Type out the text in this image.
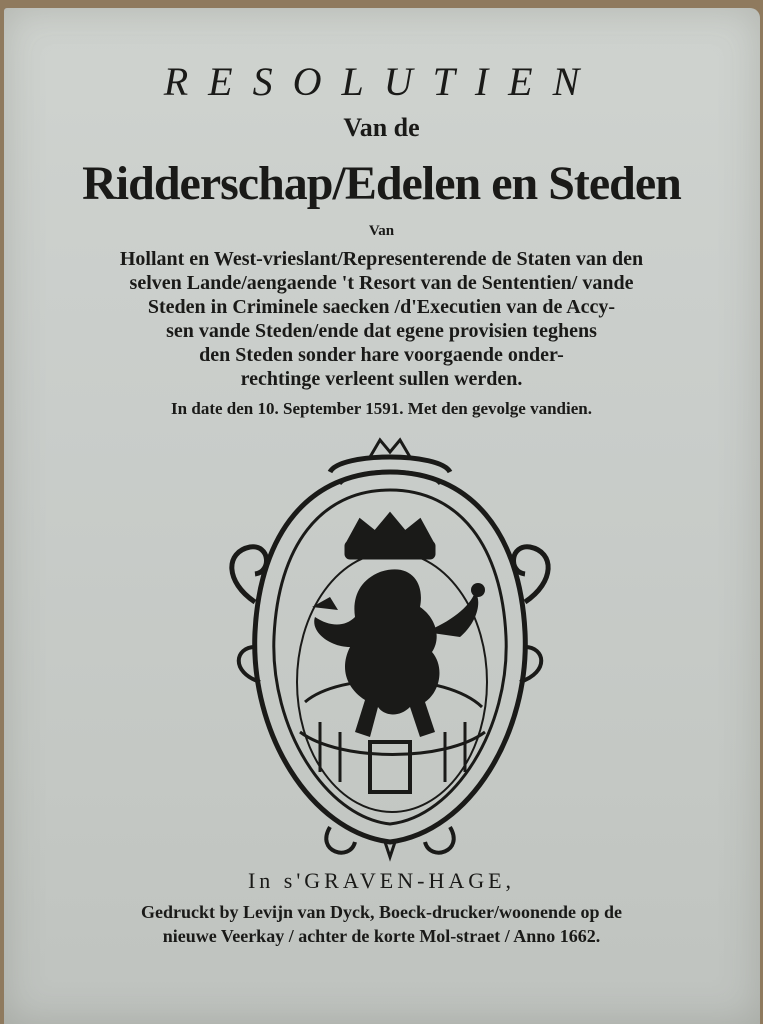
RESOLUTIEN
Van de
Ridderschap/Edelen en Steden
Van
Hollant en West-vrieslant/Representerende de Staten van den
selven Lande/aengaende 't Resort van de Sententien/ vande
Steden in Criminele saecken /d'Executien van de Accy-
sen vande Steden/ende dat egene provisien teghens
den Steden sonder hare voorgaende onder-
rechtinge verleent sullen werden.
In date den 10. September 1591. Met den gevolge vandien.
In s'GRAVEN-HAGE,
Gedruckt by Levijn van Dyck, Boeck-drucker/woonende op de
nieuwe Veerkay / achter de korte Mol-straet / Anno 1662.
